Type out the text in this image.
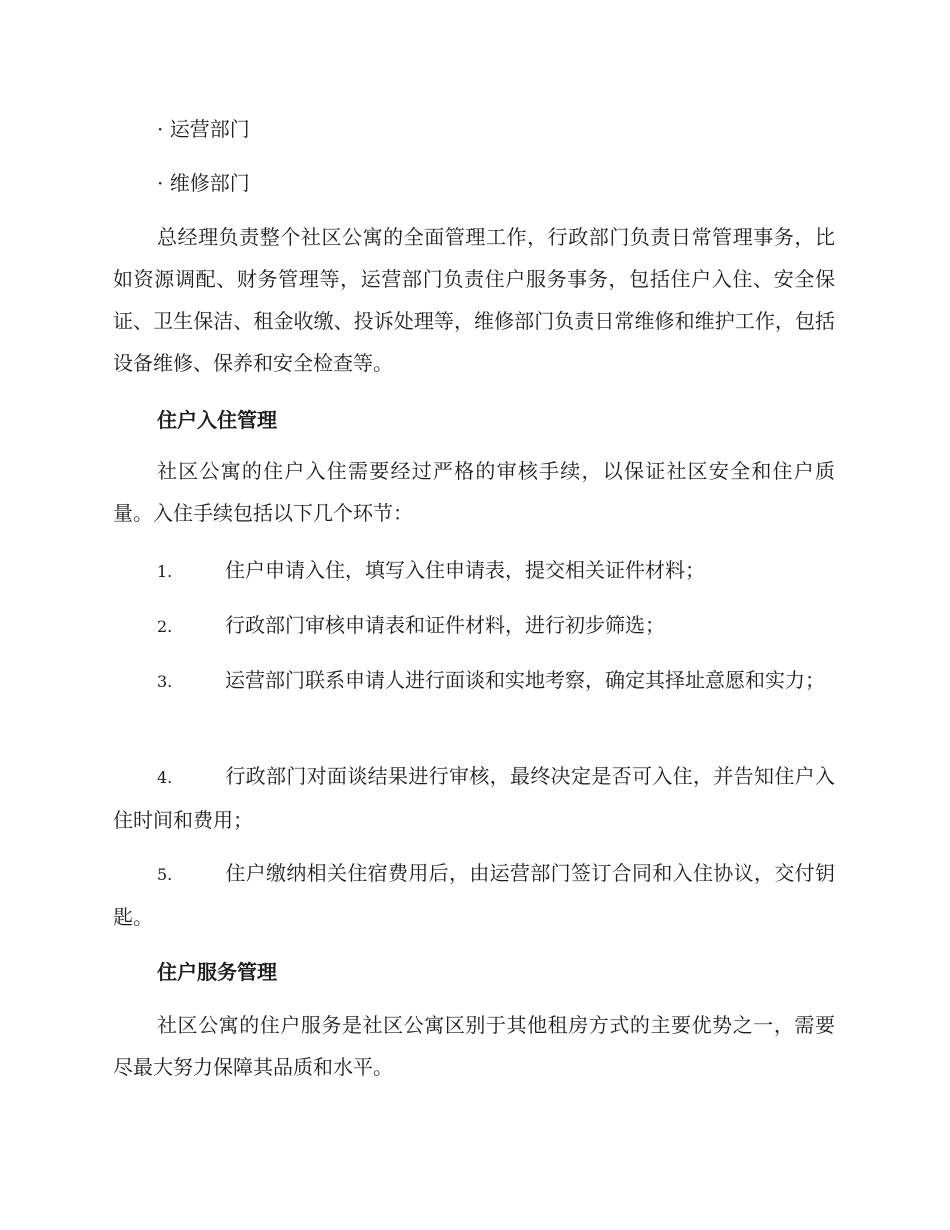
· 运营部门
· 维修部门

总经理负责整个社区公寓的全面管理工作，行政部门负责日常管理事务，比如资源调配、财务管理等，运营部门负责住户服务事务，包括住户入住、安全保证、卫生保洁、租金收缴、投诉处理等，维修部门负责日常维修和维护工作，包括设备维修、保养和安全检查等。

住户入住管理

社区公寓的住户入住需要经过严格的审核手续，以保证社区安全和住户质量。入住手续包括以下几个环节：

1.	住户申请入住，填写入住申请表，提交相关证件材料；
2.	行政部门审核申请表和证件材料，进行初步筛选；
3.	运营部门联系申请人进行面谈和实地考察，确定其择址意愿和实力；
4.	行政部门对面谈结果进行审核，最终决定是否可入住，并告知住户入住时间和费用；
5.	住户缴纳相关住宿费用后，由运营部门签订合同和入住协议，交付钥匙。
住户服务管理

社区公寓的住户服务是社区公寓区别于其他租房方式的主要优势之一，需要尽最大努力保障其品质和水平。
